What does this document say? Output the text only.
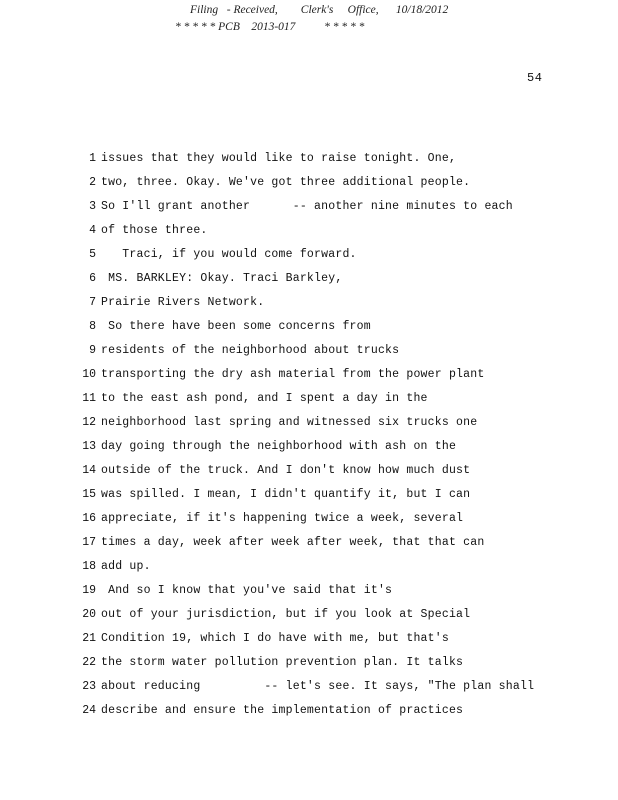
Filing   - Received,        Clerk's     Office,      10/18/2012
* * * * * PCB    2013-017          * * * * *
54
1 issues that they would like to raise tonight. One,
2 two, three. Okay. We've got three additional people.
3 So I'll grant another      -- another nine minutes to each
4 of those three.
5   Traci, if you would come forward.
6 MS. BARKLEY: Okay. Traci Barkley,
7 Prairie Rivers Network.
8 So there have been some concerns from
9 residents of the neighborhood about trucks
10 transporting the dry ash material from the power plant
11 to the east ash pond, and I spent a day in the
12 neighborhood last spring and witnessed six trucks one
13 day going through the neighborhood with ash on the
14 outside of the truck. And I don't know how much dust
15 was spilled. I mean, I didn't quantify it, but I can
16 appreciate, if it's happening twice a week, several
17 times a day, week after week after week, that that can
18 add up.
19 And so I know that you've said that it's
20 out of your jurisdiction, but if you look at Special
21 Condition 19, which I do have with me, but that's
22 the storm water pollution prevention plan. It talks
23 about reducing         -- let's see. It says, "The plan shall
24 describe and ensure the implementation of practices
